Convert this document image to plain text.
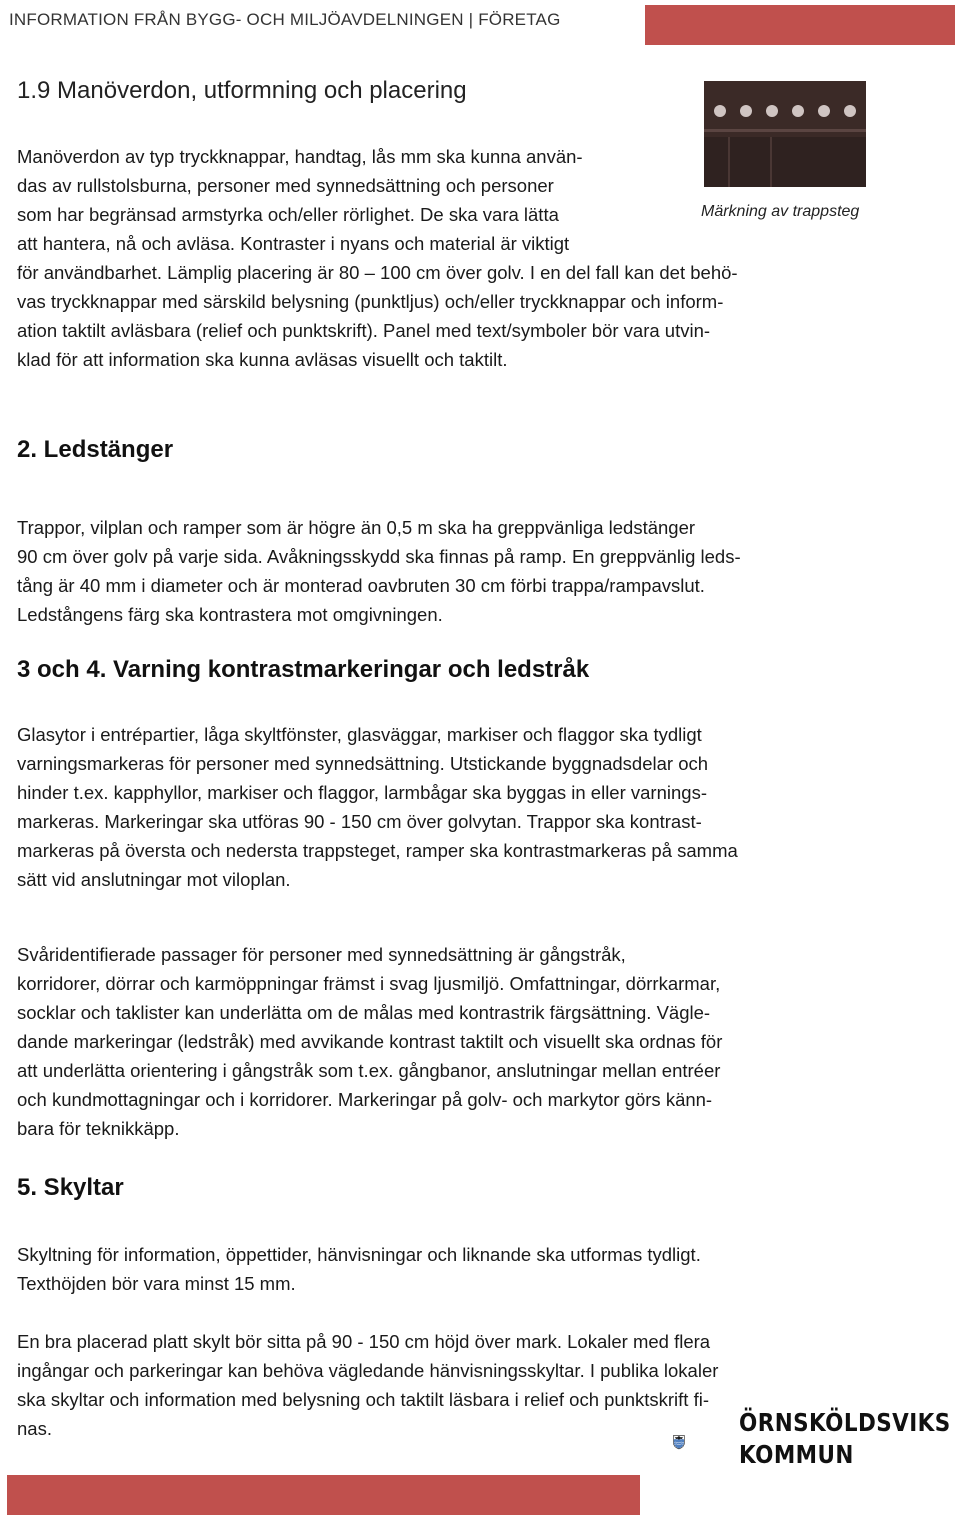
INFORMATION FRÅN BYGG- OCH MILJÖAVDELNINGEN | FÖRETAG
1.9 Manöverdon, utformning och placering
Manöverdon av typ tryckknappar, handtag, lås mm ska kunna använ-
das av rullstolsburna, personer med synnedsättning och personer
som har begränsad armstyrka och/eller rörlighet. De ska vara lätta
att hantera, nå och avläsa. Kontraster i nyans och material är viktigt
för användbarhet. Lämplig placering är 80 – 100 cm över golv. I en del fall kan det behö-
vas tryckknappar med särskild belysning (punktljus) och/eller tryckknappar och inform-
ation taktilt avläsbara (relief och punktskrift). Panel med text/symboler bör vara utvin-
klad för att information ska kunna avläsas visuellt och taktilt.
Märkning av trappsteg
2. Ledstänger
Trappor, vilplan och ramper som är högre än 0,5 m ska ha greppvänliga ledstänger
90 cm över golv på varje sida. Avåkningsskydd ska finnas på ramp. En greppvänlig leds-
tång är 40 mm i diameter och är monterad oavbruten 30 cm förbi trappa/rampavslut.
Ledstångens färg ska kontrastera mot omgivningen.
3 och 4. Varning kontrastmarkeringar och ledstråk
Glasytor i entrépartier, låga skyltfönster, glasväggar, markiser och flaggor ska tydligt
varningsmarkeras för personer med synnedsättning. Utstickande byggnadsdelar och
hinder t.ex. kapphyllor, markiser och flaggor, larmbågar ska byggas in eller varnings-
markeras. Markeringar ska utföras 90 - 150 cm över golvytan. Trappor ska kontrast-
markeras på översta och nedersta trappsteget, ramper ska kontrastmarkeras på samma
sätt vid anslutningar mot viloplan.
Svåridentifierade passager för personer med synnedsättning är gångstråk,
korridorer, dörrar och karmöppningar främst i svag ljusmiljö. Omfattningar, dörrkarmar,
socklar och taklister kan underlätta om de målas med kontrastrik färgsättning. Vägle-
dande markeringar (ledstråk) med avvikande kontrast taktilt och visuellt ska ordnas för
att underlätta orientering i gångstråk som t.ex. gångbanor, anslutningar mellan entréer
och kundmottagningar och i korridorer. Markeringar på golv- och markytor görs känn-
bara för teknikkäpp.
5. Skyltar
Skyltning för information, öppettider, hänvisningar och liknande ska utformas tydligt.
Texthöjden bör vara minst 15 mm.
En bra placerad platt skylt bör sitta på 90 - 150 cm höjd över mark. Lokaler med flera
ingångar och parkeringar kan behöva vägledande hänvisningsskyltar. I publika lokaler
ska skyltar och information med belysning och taktilt läsbara i relief och punktskrift fi-
nas.	ÖRNSKÖLDSVIKS
KOMMUN
